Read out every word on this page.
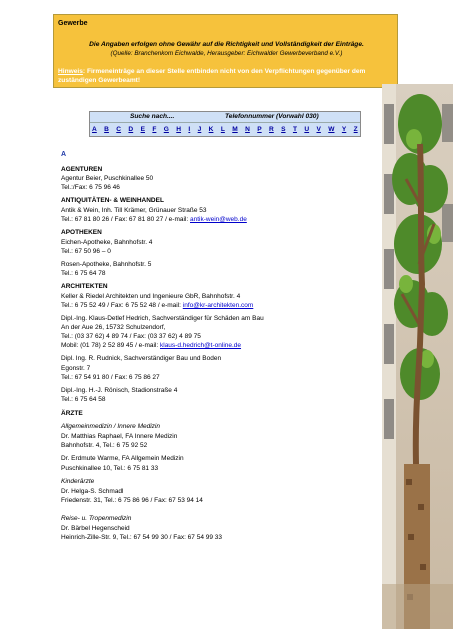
Gewerbe
Die Angaben erfolgen ohne Gewähr auf die Richtigkeit und Vollständigkeit der Einträge.
(Quelle: Branchenkom Eichwalde, Herausgeber: Eichwalder Gewerbeverband e.V.)
Hinweis: Firmeneinträge an dieser Stelle entbinden nicht von den Verpflichtungen gegenüber dem zuständigen Gewerbeamt!
Suche nach....	Telefonnummer (Vorwahl 030)
A B C D E F G H I J K L M N P R S T U V W Y Z
A
AGENTUREN
Agentur Beier, Puschkinallee 50
Tel.:/Fax: 6 75 96 46
ANTIQUITÄTEN- & WEINHANDEL
Antik & Wein, Inh. Till Krämer, Grünauer Straße 53
Tel.: 67 81 80 26 / Fax: 67 81 80 27 / e-mail: antik-wein@web.de
APOTHEKEN
Eichen-Apotheke, Bahnhofstr. 4
Tel.: 67 50 96 – 0
Rosen-Apotheke, Bahnhofstr. 5
Tel.: 6 75 64 78
ARCHITEKTEN
Keller & Riedel Architekten und Ingenieure GbR, Bahnhofstr. 4
Tel.: 6 75 52 49 / Fax: 6 75 52 48 / e-mail: info@kr-architekten.com
Dipl.-Ing. Klaus-Detlef Hedrich, Sachverständiger für Schäden am Bau
An der Aue 26, 15732 Schulzendorf,
Tel.: (03 37 62) 4 89 74 / Fax: (03 37 62) 4 89 75
Mobil: (01 78) 2 52 89 45 / e-mail: klaus-d.hedrich@t-online.de
Dipl. Ing. R. Rudnick, Sachverständiger Bau und Boden
Egonstr. 7
Tel.: 67 54 91 80 / Fax: 6 75 86 27
Dipl.-Ing. H.-J. Rönisch, Stadionstraße 4
Tel.: 6 75 64 58
ÄRZTE
Allgemeinmedizin / Innere Medizin
Dr. Matthias Raphael, FA Innere Medizin
Bahnhofstr. 4, Tel.: 6 75 92 52
Dr. Erdmute Warme, FA Allgemein Medizin
Puschkinallee 10, Tel.: 6 75 81 33
Kinderärzte
Dr. Helga-S. Schmadl
Friedenstr. 31, Tel.: 6 75 86 96 / Fax: 67 53 94 14
Reise- u. Tropenmedizin
Dr. Bärbel Hegenscheid
Heinrich-Zille-Str. 9, Tel.: 67 54 99 30 / Fax: 67 54 99 33
